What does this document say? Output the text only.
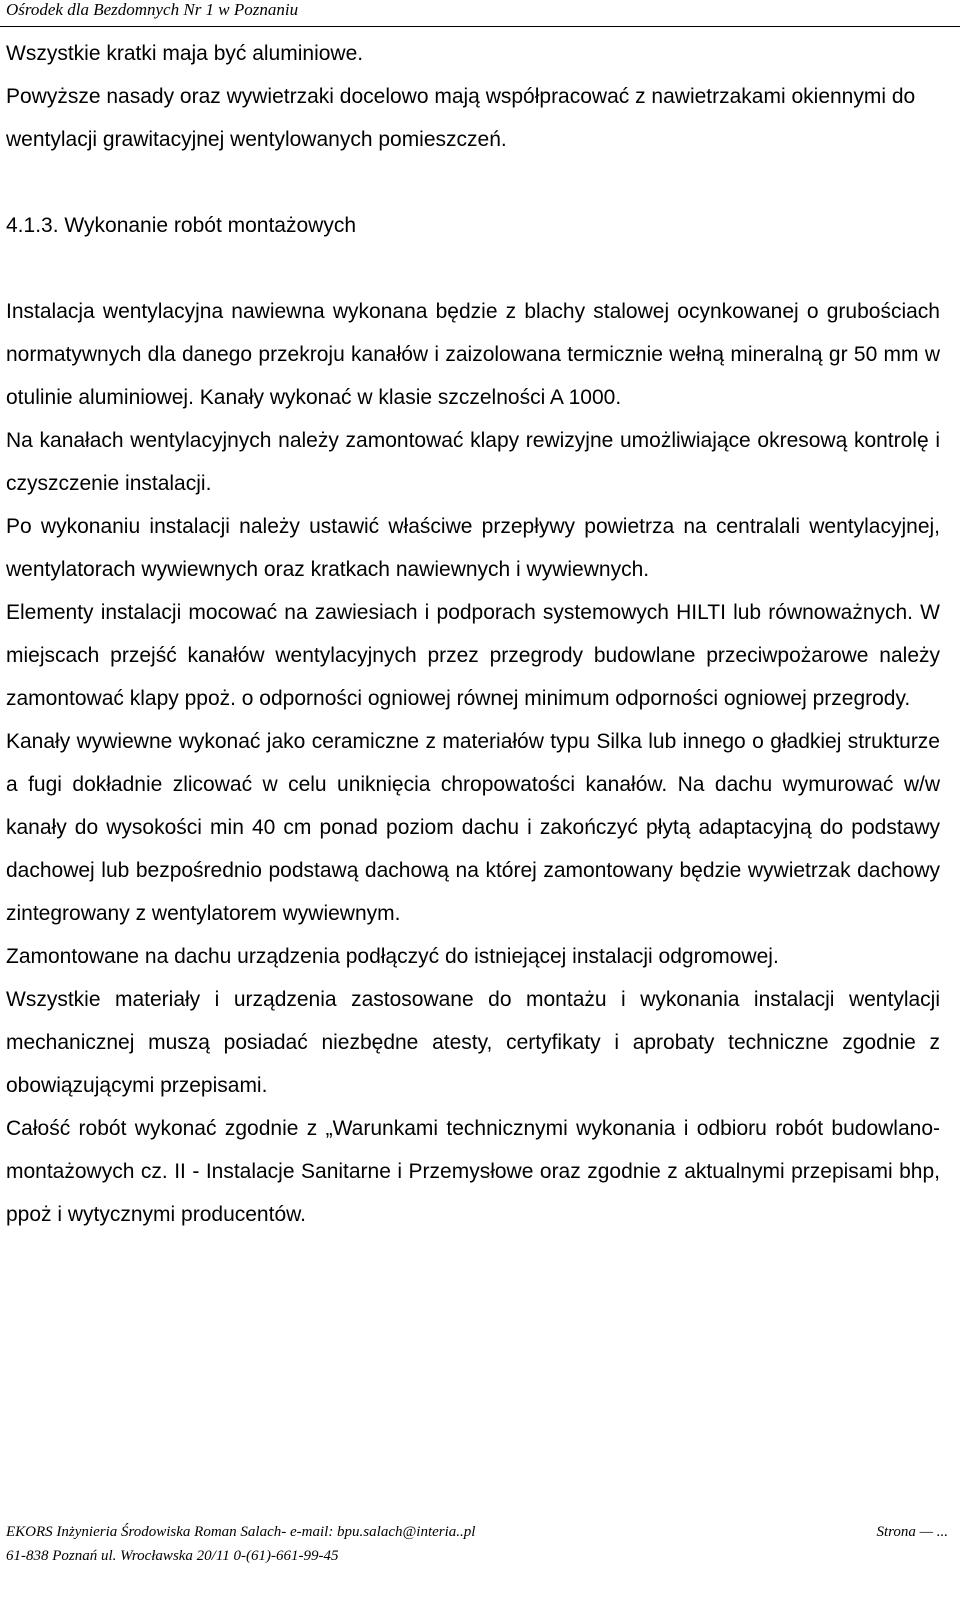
Ośrodek dla Bezdomnych Nr 1 w Poznaniu

Wszystkie kratki maja być aluminiowe.

Powyższe nasady oraz wywietrzaki docelowo mają współpracować z nawietrzakami okiennymi do wentylacji grawitacyjnej wentylowanych pomieszczeń.

4.1.3. Wykonanie robót montażowych

Instalacja wentylacyjna nawiewna wykonana będzie z blachy stalowej ocynkowanej o grubościach normatywnych dla danego przekroju kanałów i zaizolowana termicznie wełną mineralną gr 50 mm w otulinie aluminiowej. Kanały wykonać w klasie szczelności A 1000.

Na kanałach wentylacyjnych należy zamontować klapy rewizyjne umożliwiające okresową kontrolę i czyszczenie instalacji.

Po wykonaniu instalacji należy ustawić właściwe przepływy powietrza na centralali wentylacyjnej, wentylatorach wywiewnych oraz kratkach nawiewnych i wywiewnych.

Elementy instalacji mocować na zawiesiach i podporach systemowych HILTI lub równoważnych. W miejscach przejść kanałów wentylacyjnych przez przegrody budowlane przeciwpożarowe należy zamontować klapy ppoż. o odporności ogniowej równej minimum odporności ogniowej przegrody.

Kanały wywiewne wykonać jako ceramiczne z materiałów typu Silka lub innego o gładkiej strukturze a fugi dokładnie zlicować w celu uniknięcia chropowatości kanałów. Na dachu wymurować w/w kanały do wysokości min 40 cm ponad poziom dachu i zakończyć płytą adaptacyjną do podstawy dachowej lub bezpośrednio podstawą dachową na której zamontowany będzie wywietrzak dachowy zintegrowany z wentylatorem wywiewnym.

Zamontowane na dachu urządzenia podłączyć do istniejącej instalacji odgromowej.

Wszystkie materiały i urządzenia zastosowane do montażu i wykonania instalacji wentylacji mechanicznej muszą posiadać niezbędne atesty, certyfikaty i aprobaty techniczne zgodnie z obowiązującymi przepisami.

Całość robót wykonać zgodnie z „Warunkami technicznymi wykonania i odbioru robót budowlano-montażowych cz. II - Instalacje Sanitarne i Przemysłowe oraz zgodnie z aktualnymi przepisami bhp, ppoż i wytycznymi producentów.

EKORS Inżynieria Środowiska Roman Salach- e-mail: bpu.salach@interia..pl	Strona — ...
61-838 Poznań ul. Wrocławska 20/11 0-(61)-661-99-45
